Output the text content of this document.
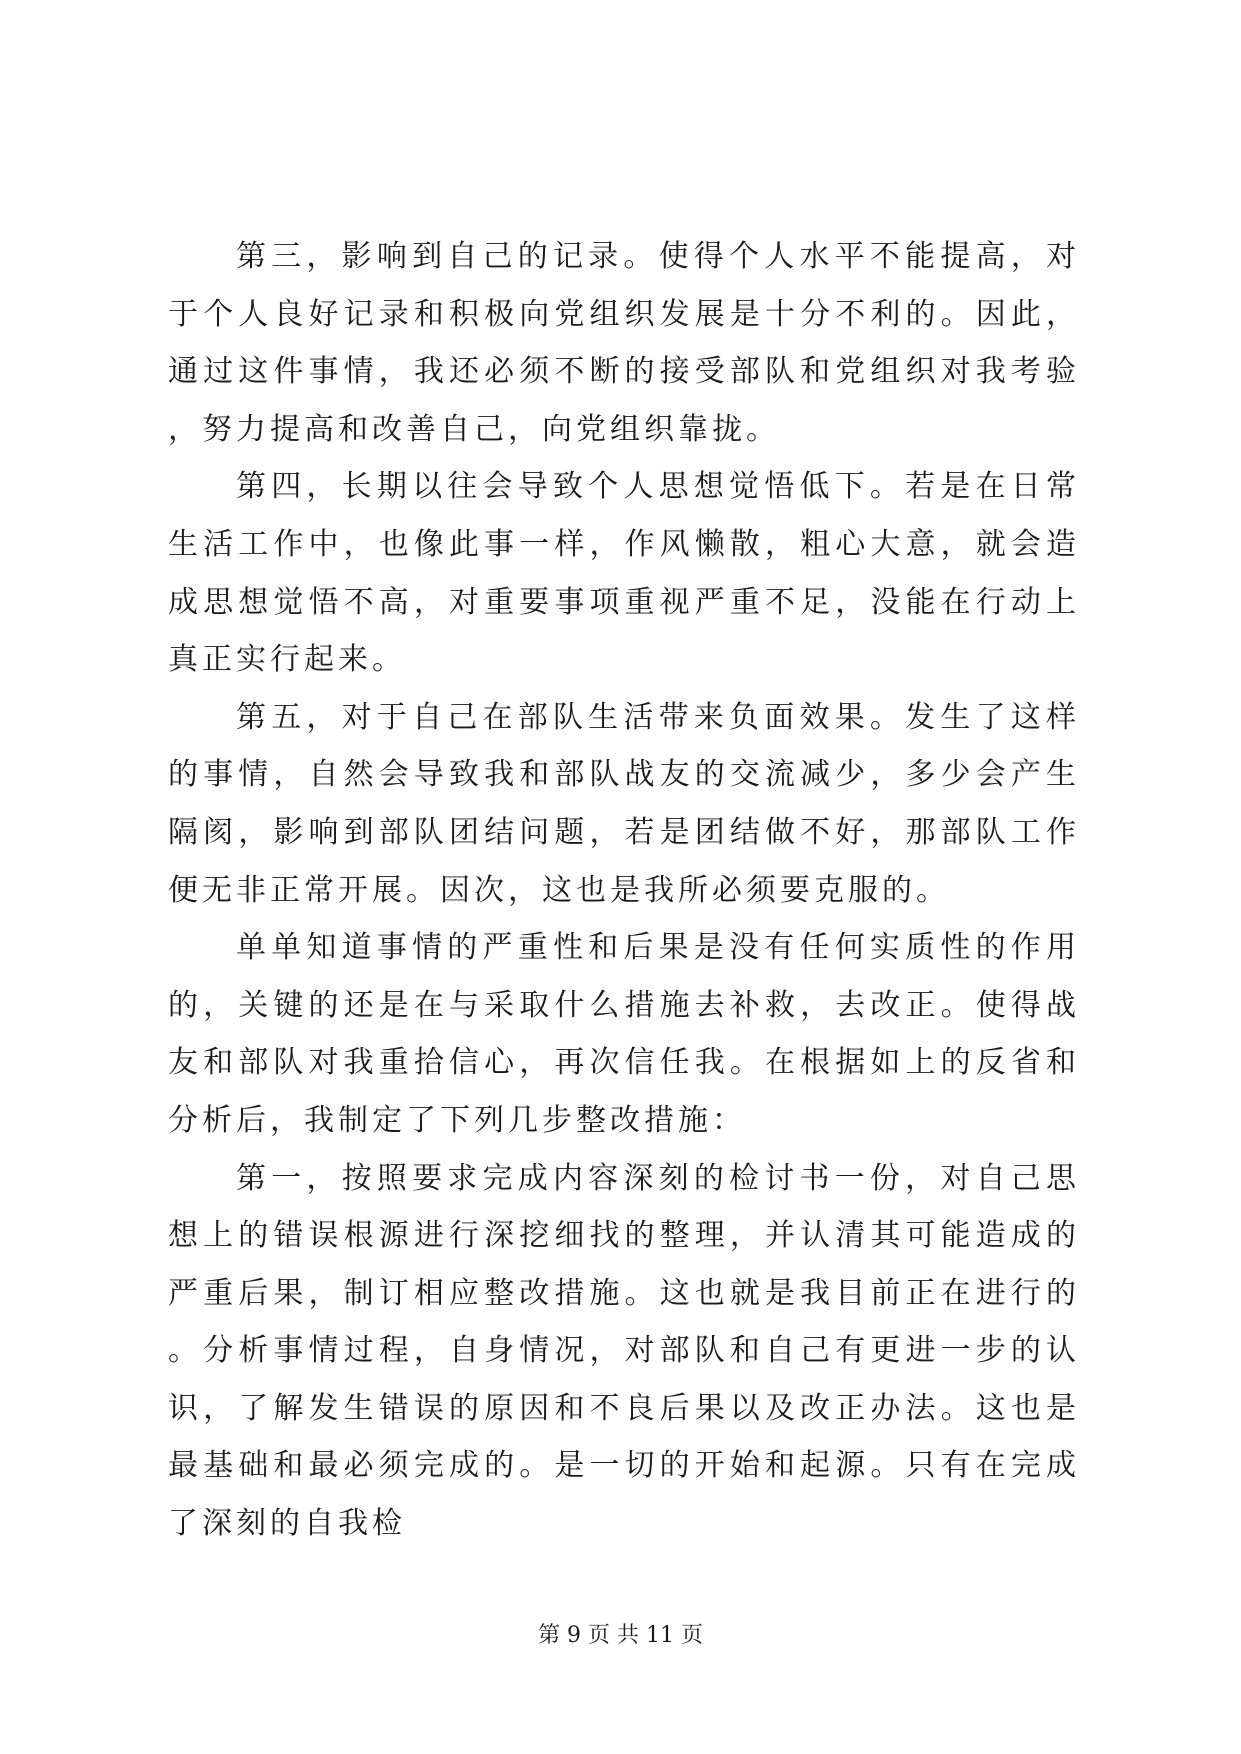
第三，影响到自己的记录。使得个人水平不能提高，对于个人良好记录和积极向党组织发展是十分不利的。因此，通过这件事情，我还必须不断的接受部队和党组织对我考验，努力提高和改善自己，向党组织靠拢。

第四，长期以往会导致个人思想觉悟低下。若是在日常生活工作中，也像此事一样，作风懒散，粗心大意，就会造成思想觉悟不高，对重要事项重视严重不足，没能在行动上真正实行起来。

第五，对于自己在部队生活带来负面效果。发生了这样的事情，自然会导致我和部队战友的交流减少，多少会产生隔阂，影响到部队团结问题，若是团结做不好，那部队工作便无非正常开展。因次，这也是我所必须要克服的。

单单知道事情的严重性和后果是没有任何实质性的作用的，关键的还是在与采取什么措施去补救，去改正。使得战友和部队对我重拾信心，再次信任我。在根据如上的反省和分析后，我制定了下列几步整改措施：

第一，按照要求完成内容深刻的检讨书一份，对自己思想上的错误根源进行深挖细找的整理，并认清其可能造成的严重后果，制订相应整改措施。这也就是我目前正在进行的。分析事情过程，自身情况，对部队和自己有更进一步的认识，了解发生错误的原因和不良后果以及改正办法。这也是最基础和最必须完成的。是一切的开始和起源。只有在完成了深刻的自我检

第 9 页 共 11 页
